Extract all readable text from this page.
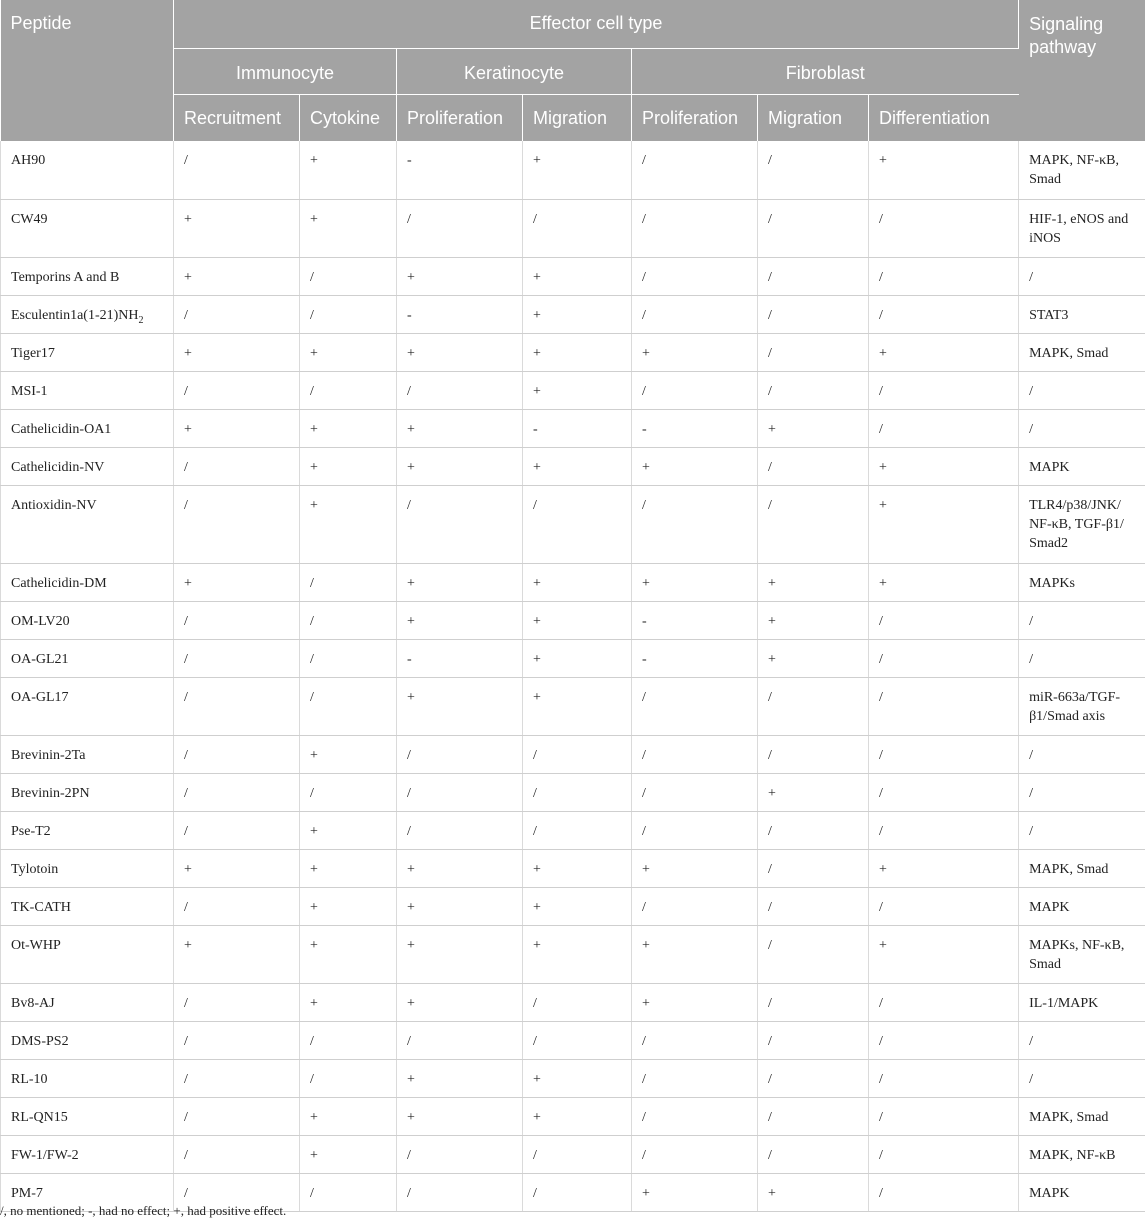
Peptide	Effector cell type							Signaling pathway
	Immunocyte		Keratinocyte		Fibroblast			
	Recruitment	Cytokine	Proliferation	Migration	Proliferation	Migration	Differentiation	
AH90	/	+	-	+	/	/	+	MAPK, NF-κB, Smad
CW49	+	+	/	/	/	/	/	HIF-1, eNOS and iNOS
Temporins A and B	+	/	+	+	/	/	/	/
$Esculentin1a(1-21)NH_2$	/	/	-	+	/	/	/	STAT3
Tiger17	+	+	+	+	+	/	+	MAPK, Smad
MSI-1	/	/	/	+	/	/	/	/
Cathelicidin-OA1	+	+	+	-	-	+	/	/
Cathelicidin-NV	/	+	+	+	+	/	+	MAPK
Antioxidin-NV	/	+	/	/	/	/	+	TLR4/p38/JNK/ NF-κB, TGF-β1/ Smad2
Cathelicidin-DM	+	/	+	+	+	+	+	MAPKs
OM-LV20	/	/	+	+	-	+	/	/
OA-GL21	/	/	-	+	-	+	/	/
OA-GL17	/	/	+	+	/	/	/	miR-663a/TGF-β1/Smad axis
Brevinin-2Ta	/	+	/	/	/	/	/	/
Brevinin-2PN	/	/	/	/	/	+	/	/
Pse-T2	/	+	/	/	/	/	/	/
Tylotoin	+	+	+	+	+	/	+	MAPK, Smad
TK-CATH	/	+	+	+	/	/	/	MAPK
Ot-WHP	+	+	+	+	+	/	+	MAPKs, NF-κB, Smad
Bv8-AJ	/	+	+	/	+	/	/	IL-1/MAPK
DMS-PS2	/	/	/	/	/	/	/	/
RL-10	/	/	+	+	/	/	/	/
RL-QN15	/	+	+	+	/	/	/	MAPK, Smad
FW-1/FW-2	/	+	/	/	/	/	/	MAPK, NF-κB
PM-7	/	/	/	/	+	+	/	MAPK
/, no mentioned; -, had no effect; +, had positive effect.
